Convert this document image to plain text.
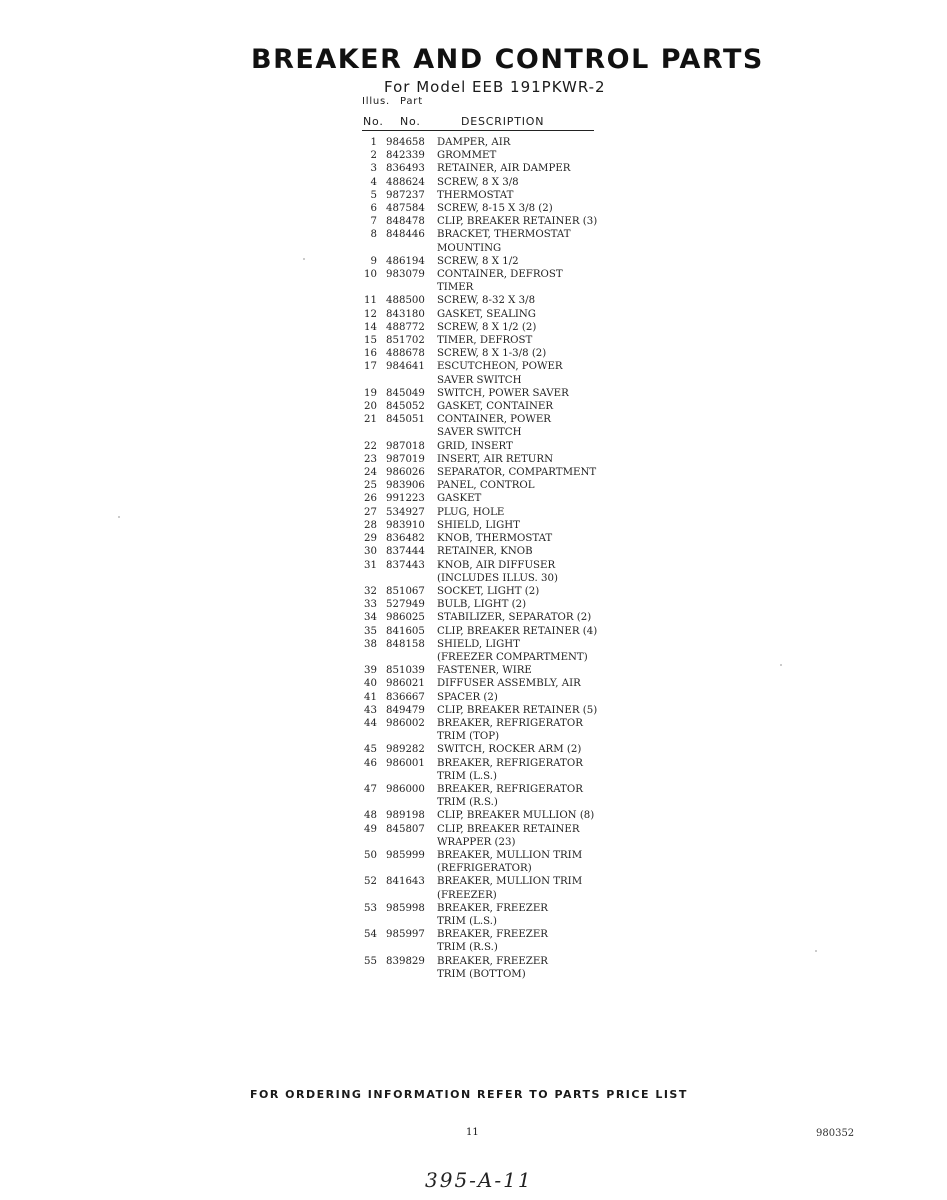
BREAKER AND CONTROL PARTS
For Model EEB 191PKWR-2
Illus. Part
No. No.	DESCRIPTION
1 984658	DAMPER, AIR
2 842339	GROMMET
3 836493	RETAINER, AIR DAMPER
4 488624	SCREW, 8 X 3/8
5 987237	THERMOSTAT
6 487584	SCREW, 8-15 X 3/8 (2)
7 848478	CLIP, BREAKER RETAINER (3)
8 848446	BRACKET, THERMOSTAT
MOUNTING
9 486194	SCREW, 8 X 1/2
10 983079	CONTAINER, DEFROST
TIMER
11 488500	SCREW, 8-32 X 3/8
12 843180	GASKET, SEALING
14 488772	SCREW, 8 X 1/2 (2)
15 851702	TIMER, DEFROST
16 488678	SCREW, 8 X 1-3/8 (2)
17 984641	ESCUTCHEON, POWER
SAVER SWITCH
19 845049	SWITCH, POWER SAVER
20 845052	GASKET, CONTAINER
21 845051	CONTAINER, POWER
SAVER SWITCH
22 987018	GRID, INSERT
23 987019	INSERT, AIR RETURN
24 986026	SEPARATOR, COMPARTMENT
25 983906	PANEL, CONTROL
26 991223	GASKET
27 534927	PLUG, HOLE
28 983910	SHIELD, LIGHT
29 836482	KNOB, THERMOSTAT
30 837444	RETAINER, KNOB
31 837443	KNOB, AIR DIFFUSER
(INCLUDES ILLUS. 30)
32 851067	SOCKET, LIGHT (2)
33 527949	BULB, LIGHT (2)
34 986025	STABILIZER, SEPARATOR (2)
35 841605	CLIP, BREAKER RETAINER (4)
38 848158	SHIELD, LIGHT
(FREEZER COMPARTMENT)
39 851039	FASTENER, WIRE
40 986021	DIFFUSER ASSEMBLY, AIR
41 836667	SPACER (2)
43 849479	CLIP, BREAKER RETAINER (5)
44 986002	BREAKER, REFRIGERATOR
TRIM (TOP)
45 989282	SWITCH, ROCKER ARM (2)
46 986001	BREAKER, REFRIGERATOR
TRIM (L.S.)
47 986000	BREAKER, REFRIGERATOR
TRIM (R.S.)
48 989198	CLIP, BREAKER MULLION (8)
49 845807	CLIP, BREAKER RETAINER
WRAPPER (23)
50 985999	BREAKER, MULLION TRIM
(REFRIGERATOR)
52 841643	BREAKER, MULLION TRIM
(FREEZER)
53 985998	BREAKER, FREEZER
TRIM (L.S.)
54 985997	BREAKER, FREEZER
TRIM (R.S.)
55 839829	BREAKER, FREEZER
TRIM (BOTTOM)
FOR ORDERING INFORMATION REFER TO PARTS PRICE LIST
11	980352
395-A-11
